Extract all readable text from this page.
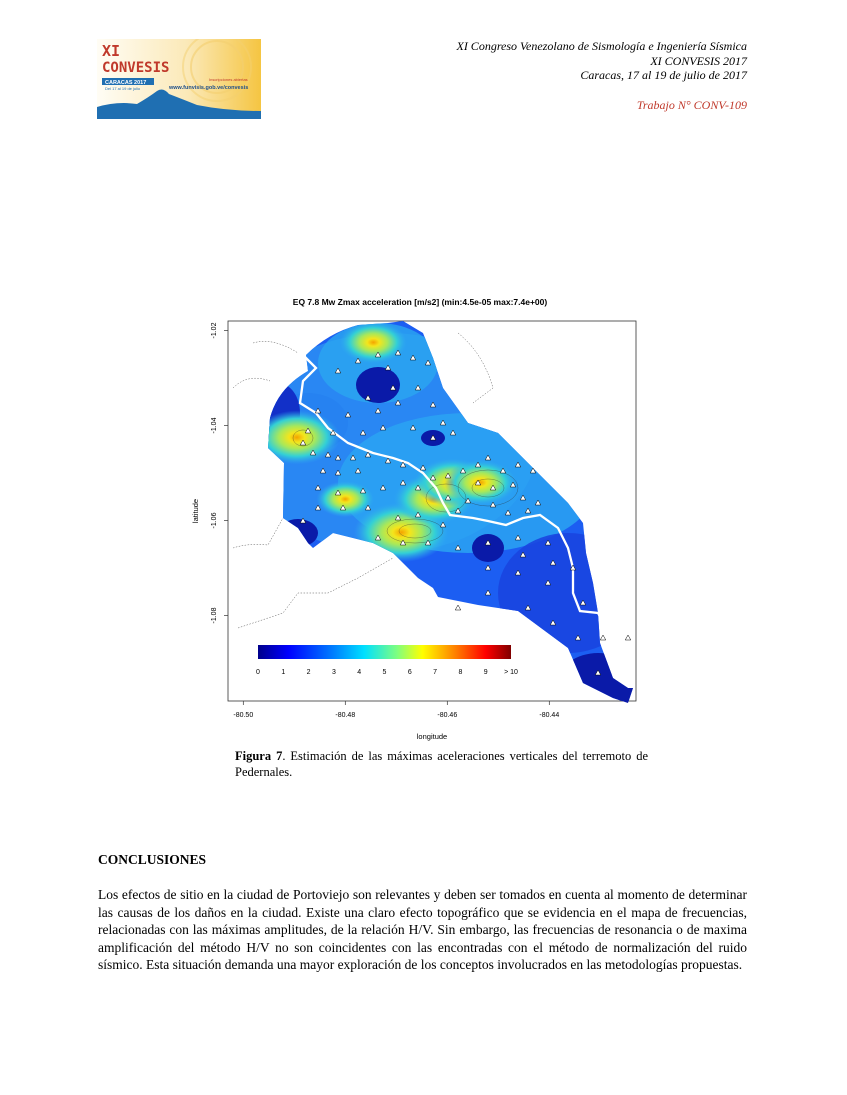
XI
CONVESIS
CARACAS 2017
Del 17 al 19 de julio
Inscripciones abiertas
www.funvisis.gob.ve/convesis
XI Congreso Venezolano de Sismología e Ingeniería Sísmica
XI CONVESIS 2017
Caracas, 17 al 19 de julio de 2017
Trabajo N° CONV-109
EQ 7.8 Mw Zmax acceleration [m/s2] (min:4.5e-05 max:7.4e+00)
-80.50	-80.48	-80.46	-80.44
-1.02
-1.04
-1.06
-1.08
longitude
latitude
0	1	2	3	4	5	6	7	8	9 > 10
Figura 7. Estimación de las máximas aceleraciones verticales del terremoto de Pedernales.
CONCLUSIONES
Los efectos de sitio en la ciudad de Portoviejo son relevantes y deben ser tomados en cuenta al momento de determinar las causas de los daños en la ciudad. Existe una claro efecto topográfico que se evidencia en el mapa de frecuencias, relacionadas con las máximas amplitudes, de la relación H/V. Sin embargo, las frecuencias de resonancia o de maxima amplificación del método H/V no son coincidentes con las encontradas con el método de normalización del ruido sísmico. Esta situación demanda una mayor exploración de los conceptos involucrados en las metodologías propuestas.
